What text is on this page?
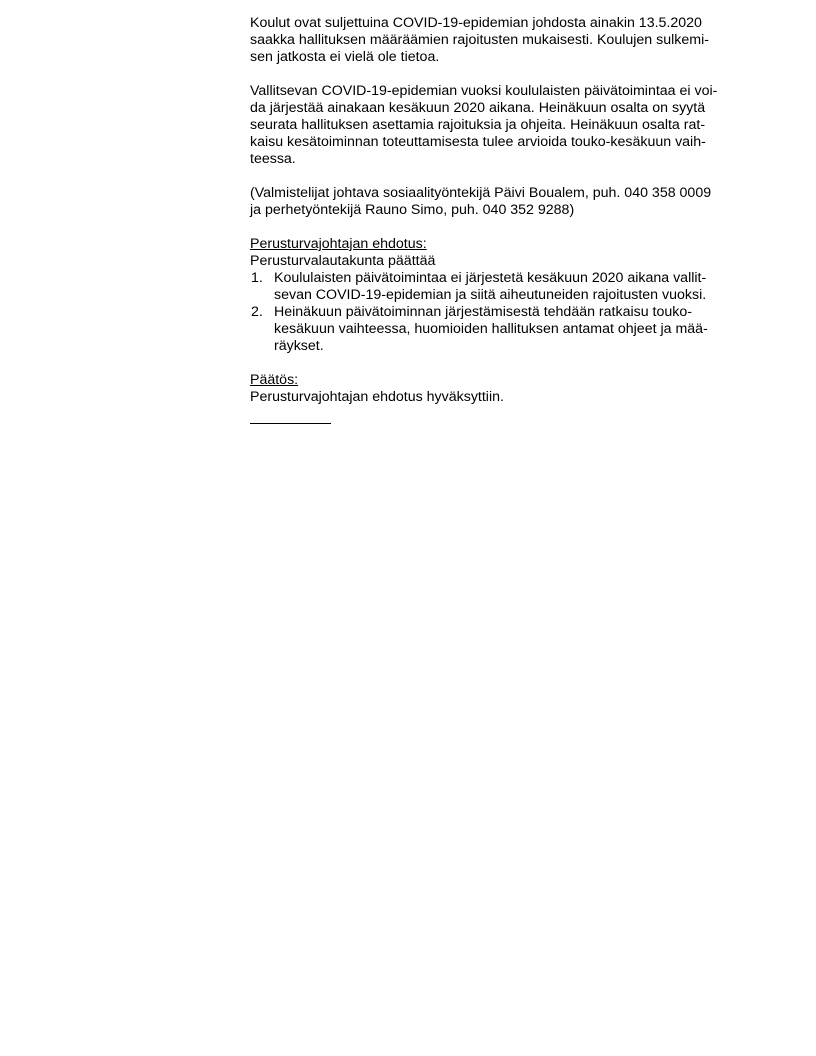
Koulut ovat suljettuina COVID-19-epidemian johdosta ainakin 13.5.2020
saakka hallituksen määräämien rajoitusten mukaisesti. Koulujen sulkemi-
sen jatkosta ei vielä ole tietoa.
Vallitsevan COVID-19-epidemian vuoksi koululaisten päivätoimintaa ei voi-
da järjestää ainakaan kesäkuun 2020 aikana. Heinäkuun osalta on syytä
seurata hallituksen asettamia rajoituksia ja ohjeita. Heinäkuun osalta rat-
kaisu kesätoiminnan toteuttamisesta tulee arvioida touko-kesäkuun vaih-
teessa.
(Valmistelijat johtava sosiaalityöntekijä Päivi Boualem, puh. 040 358 0009
ja perhetyöntekijä Rauno Simo, puh. 040 352 9288)
Perusturvajohtajan ehdotus:
Perusturvalautakunta päättää
1. Koululaisten päivätoimintaa ei järjestetä kesäkuun 2020 aikana vallit-
sevan COVID-19-epidemian ja siitä aiheutuneiden rajoitusten vuoksi.
2. Heinäkuun päivätoiminnan järjestämisestä tehdään ratkaisu touko-
kesäkuun vaihteessa, huomioiden hallituksen antamat ohjeet ja mää-
räykset.
Päätös:
Perusturvajohtajan ehdotus hyväksyttiin.
